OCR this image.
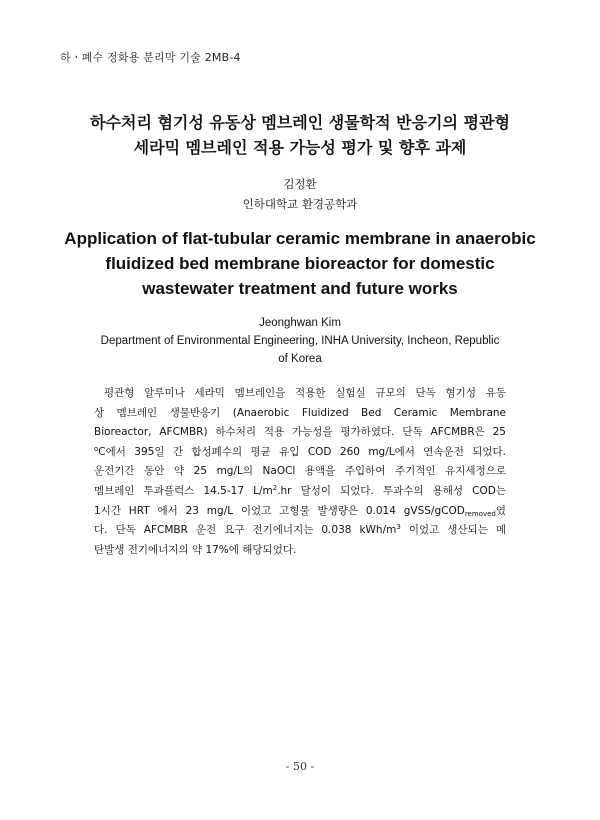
하ㆍ폐수 정화용 분리막 기술 2MB-4
하수처리 혐기성 유동상 멤브레인 생물학적 반응기의 평관형
세라믹 멤브레인 적용 가능성 평가 및 향후 과제
김정환
인하대학교 환경공학과
Application of flat-tubular ceramic membrane in anaerobic
fluidized bed membrane bioreactor for domestic
wastewater treatment and future works
Jeonghwan Kim
Department of Environmental Engineering, INHA University, Incheon, Republic
of Korea
평관형 알루미나 세라믹 멤브레인을 적용한 실험실 규모의 단독 혐기성 유동
상 멤브레인 생물반응기 (Anaerobic Fluidized Bed Ceramic Membrane
Bioreactor, AFCMBR) 하수처리 적용 가능성을 평가하였다. 단독 AFCMBR은 25
$^o$C에서 395일 간 합성폐수의 평균 유입 COD 260 mg/L에서 연속운전 되었다.
운전기간 동안 약 25 mg/L의 NaOCl 용액을 주입하여 주기적인 유지세정으로
멤브레인 투과플럭스 14.5-17 $L/m^2.hr$ 달성이 되었다. 투과수의 용해성 COD는
1시간 HRT 에서 23 mg/L 이었고 고형물 발생량은 0.014 gVSS/gCOD$_{removed}$였
다. 단독 AFCMBR 운전 요구 전기에너지는 0.038 kWh/$m^3$ 이었고 생산되는 메
탄발생 전기에너지의 약 17%에 해당되었다.
- 50 -
